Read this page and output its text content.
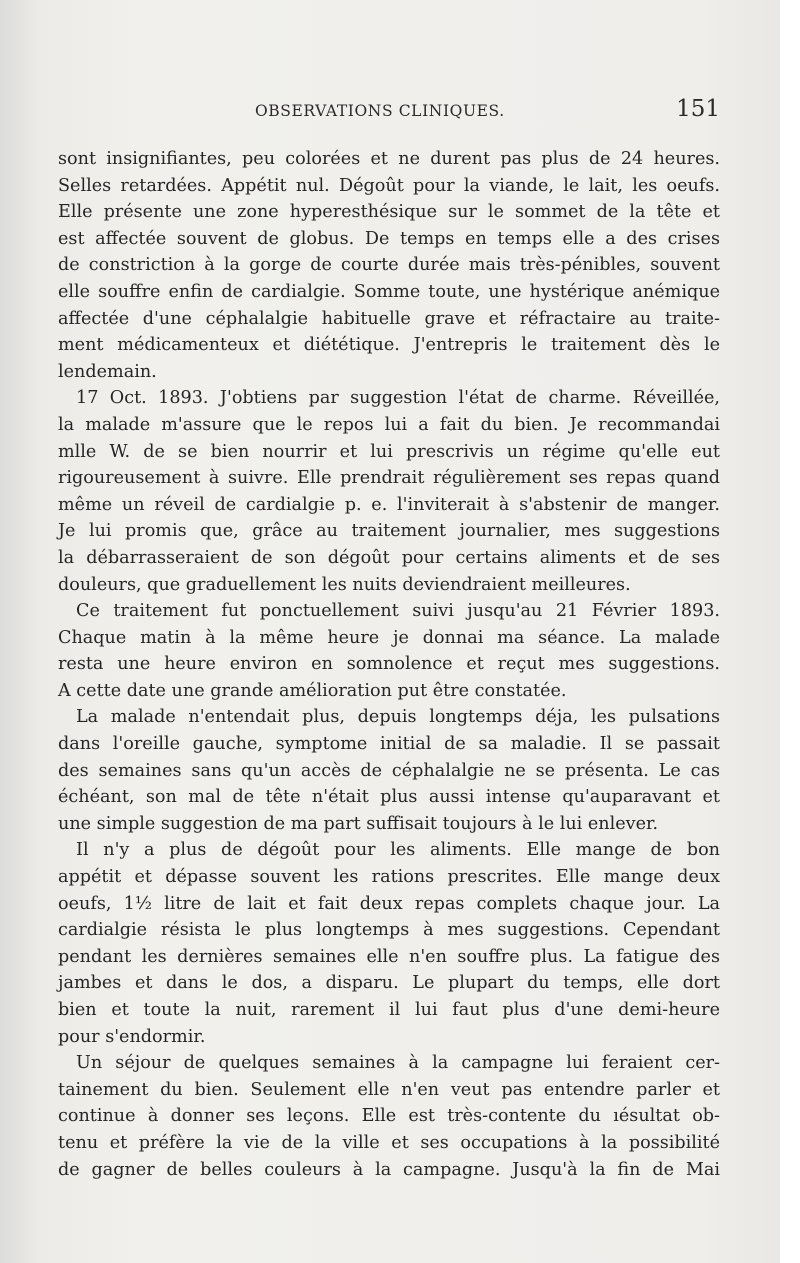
OBSERVATIONS CLINIQUES.	151

sont insignifiantes, peu colorées et ne durent pas plus de 24 heures.

Selles retardées. Appétit nul. Dégoût pour la viande, le lait, les oeufs.

Elle présente une zone hyperesthésique sur le sommet de la tête et

est affectée souvent de globus. De temps en temps elle a des crises

de constriction à la gorge de courte durée mais très-pénibles, souvent

elle souffre enfin de cardialgie. Somme toute, une hystérique anémique

affectée d'une céphalalgie habituelle grave et réfractaire au traite-

ment médicamenteux et diététique. J'entrepris le traitement dès le

lendemain.

17 Oct. 1893. J'obtiens par suggestion l'état de charme. Réveillée,

la malade m'assure que le repos lui a fait du bien. Je recommandai

mlle W. de se bien nourrir et lui prescrivis un régime qu'elle eut

rigoureusement à suivre. Elle prendrait régulièrement ses repas quand

même un réveil de cardialgie p. e. l'inviterait à s'abstenir de manger.

Je lui promis que, grâce au traitement journalier, mes suggestions

la débarrasseraient de son dégoût pour certains aliments et de ses

douleurs, que graduellement les nuits deviendraient meilleures.

Ce traitement fut ponctuellement suivi jusqu'au 21 Février 1893.

Chaque matin à la même heure je donnai ma séance. La malade

resta une heure environ en somnolence et reçut mes suggestions.

A cette date une grande amélioration put être constatée.

La malade n'entendait plus, depuis longtemps déja, les pulsations

dans l'oreille gauche, symptome initial de sa maladie. Il se passait

des semaines sans qu'un accès de céphalalgie ne se présenta. Le cas

échéant, son mal de tête n'était plus aussi intense qu'auparavant et

une simple suggestion de ma part suffisait toujours à le lui enlever.

Il n'y a plus de dégoût pour les aliments. Elle mange de bon

appétit et dépasse souvent les rations prescrites. Elle mange deux

oeufs, 1½ litre de lait et fait deux repas complets chaque jour. La

cardialgie résista le plus longtemps à mes suggestions. Cependant

pendant les dernières semaines elle n'en souffre plus. La fatigue des

jambes et dans le dos, a disparu. Le plupart du temps, elle dort

bien et toute la nuit, rarement il lui faut plus d'une demi-heure

pour s'endormir.

Un séjour de quelques semaines à la campagne lui feraient cer-

tainement du bien. Seulement elle n'en veut pas entendre parler et

continue à donner ses leçons. Elle est très-contente du ıésultat ob-

tenu et préfère la vie de la ville et ses occupations à la possibilité

de gagner de belles couleurs à la campagne. Jusqu'à la fin de Mai
